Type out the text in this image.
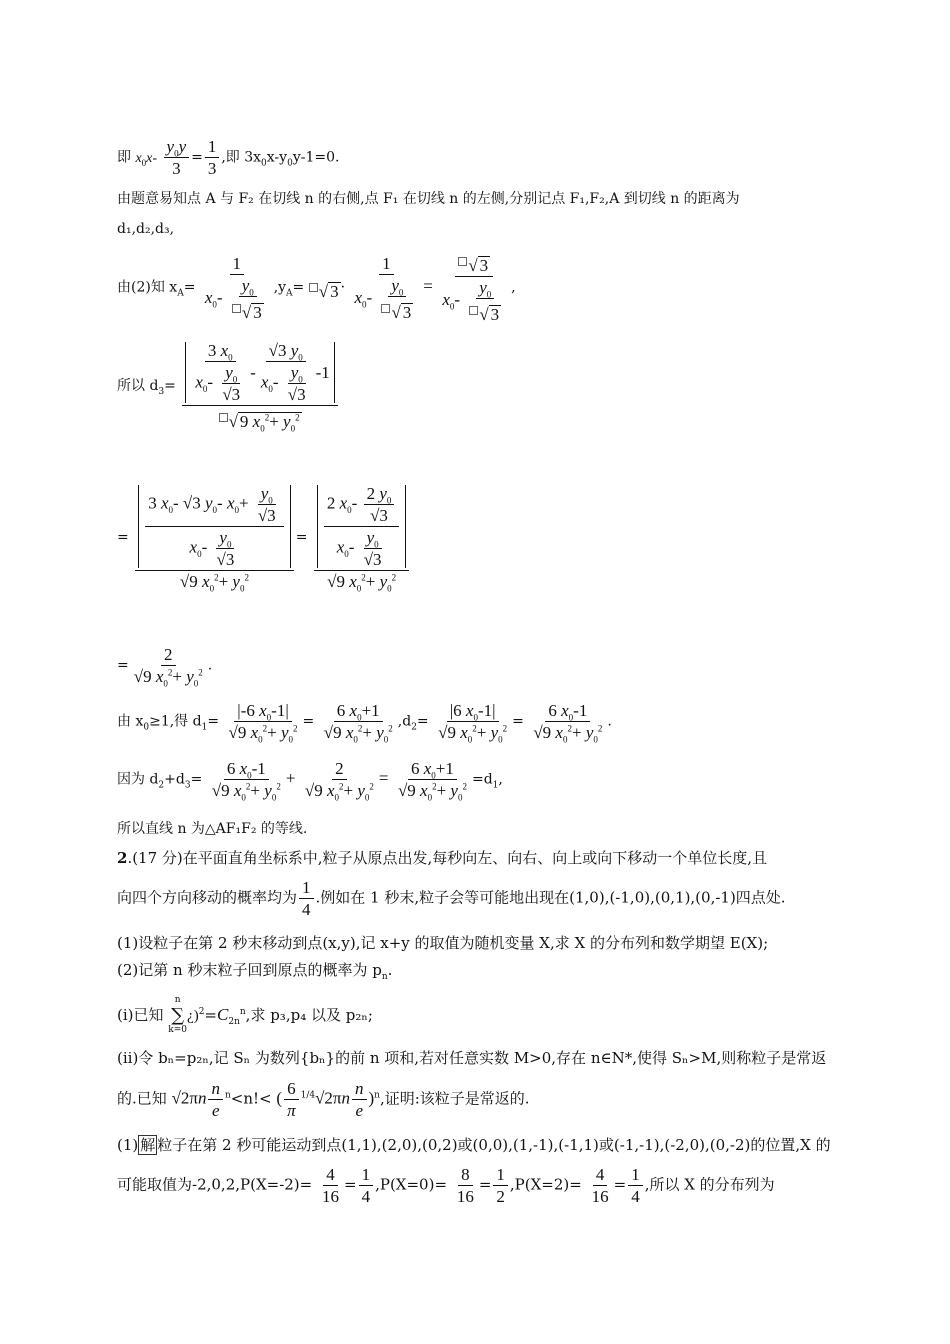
即 $x_0x- \frac{y_0y}{3} = \frac{1}{3}$ ,即 $3x_0x-y_0y-1=0$.
由题意易知点 A 与 F₂ 在切线 n 的右侧,点 F₁ 在切线 n 的左侧,分别记点 F₁,F₂,A 到切线 n 的距离为
d₁,d₂,d₃,
由(2)知 $x_A= \frac{1}{x_0- \frac{y_0}{√ 3}} ,y_A=$ √ $3 \cdot \frac{1}{x_0- \frac{y_0}{√ 3}} = \frac{√ 3}{x_0- \frac{y_0}{√ 3}}$ ,
所以 $d_3= \frac{\frac{3 x_0}{x_0- \frac{y_0}{√3}} - \frac{√3 y_0}{x_0- \frac{y_0}{√3}} -1}{√ 9 x_0^2+ y_0^2}$
= $\frac{\frac{3 x_0- √3 y_0- x_0+ \frac{y_0}{√3}}{x_0- \frac{y_0}{√3}}}{√9 x_0^2+ y_0^2} = \frac{\frac{2 x_0- \frac{2 y_0}{√3}}{x_0- \frac{y_0}{√3}}}{√9 x_0^2+ y_0^2}$
= $\frac{2}{√9 x_0^2+ y_0^2}$ .
由 $x_0\ge 1$,得 $d_1= \frac{|-6 x_0-1|}{√9 x_0^2+ y_0^2} = \frac{6 x_0+1}{√9 x_0^2+ y_0^2} ,d_2= \frac{|6 x_0-1|}{√9 x_0^2+ y_0^2} = \frac{6 x_0-1}{√9 x_0^2+ y_0^2}$ .
因为 $d_2+d_3= \frac{6 x_0-1}{√9 x_0^2+ y_0^2} + \frac{2}{√9 x_0^2+ y_0^2} = \frac{6 x_0+1}{√9 x_0^2+ y_0^2} =d_1$,
所以直线 n 为△AF₁F₂ 的等线.
2.(17 分)在平面直角坐标系中,粒子从原点出发,每秒向左、向右、向上或向下移动一个单位长度,且
向四个方向移动的概率均为 $\frac{1}{4}$ .例如在 1 秒末,粒子会等可能地出现在(1,0),(-1,0),(0,1),(0,-1)四点处.
(1)设粒子在第 2 秒末移动到点(x,y),记 x+y 的取值为随机变量 X,求 X 的分布列和数学期望 E(X);
(2)记第 n 秒末粒子回到原点的概率为 $p_n$.
(ⅰ)已知
n
∑
k=0
¿)$^2=C_{2n}^n$,求 p₃,p₄ 以及 p₂ₙ;
(ⅱ)令 bₙ=p₂ₙ,记 Sₙ 为数列{bₙ}的前 n 项和,若对任意实数 M>0,存在 n∈N*,使得 Sₙ>M,则称粒子是常返
的.已知 $√2\pi n \frac{n}{e} ^n<n!<$ ( $\frac{6}{\pi} ^{1/4}√2\pi n \frac{n}{e} )^n$,证明:该粒子是常返的.
(1) 解 粒子在第 2 秒可能运动到点(1,1),(2,0),(0,2)或(0,0),(1,-1),(-1,1)或(-1,-1),(-2,0),(0,-2)的位置,X 的
可能取值为$-2,0,2,P(X=-2)= \frac{4}{16} = \frac{1}{4} ,P(X=0)= \frac{8}{16} = \frac{1}{2} ,P(X=2)= \frac{4}{16} = \frac{1}{4}$ ,所以 X 的分布列为
